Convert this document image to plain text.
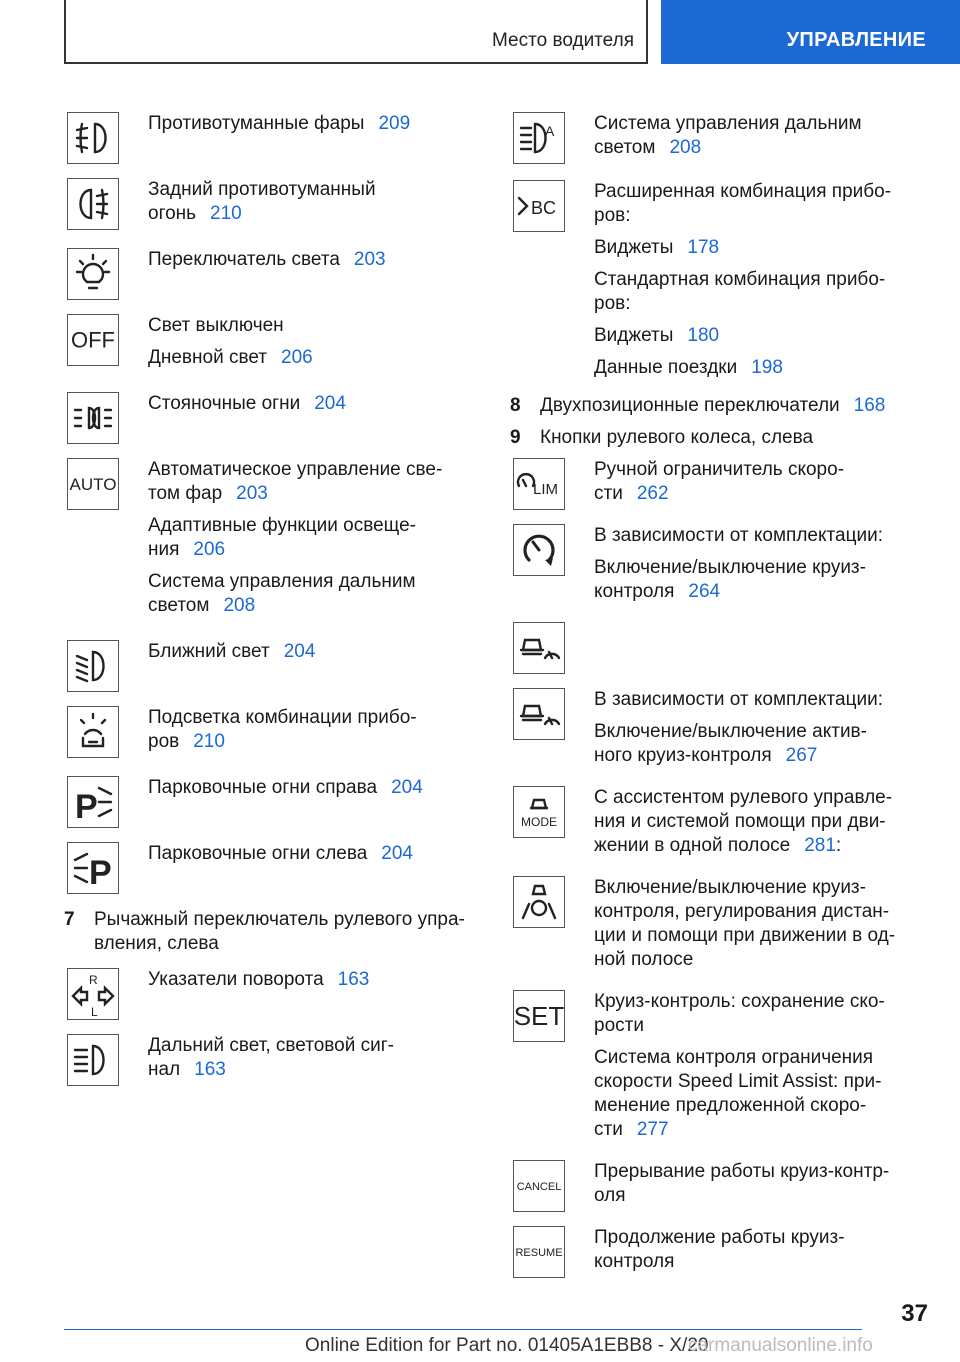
Место водителя	УПРАВЛЕНИЕ

Противотуманные фары 209

Задний противотуманный
огонь 210

Переключатель света 203

OFF

Свет выключен

Дневной свет 206

Стояночные огни 204

AUTO

Автоматическое управление све-
том фар 203

Адаптивные функции освеще-
ния 206

Система управления дальним
светом 208

Ближний свет 204

Подсветка комбинации прибо-
ров 210

P

Парковочные огни справа 204

P

Парковочные огни слева 204

7	Рычажный переключатель рулевого упра-
вления, слева
R
L

Указатели поворота 163

Дальний свет, световой сиг-
нал 163

A Система управления дальним
светом 208

BC

Расширенная комбинация прибо-
ров:

Виджеты 178

Стандартная комбинация прибо-
ров:

Виджеты 180

Данные поездки 198

8	Двухпозиционные переключатели 168
9	Кнопки рулевого колеса, слева
LIM

Ручной ограничитель скоро-
сти 262

В зависимости от комплектации:

Включение/выключение круиз-
контроля 264

В зависимости от комплектации:

Включение/выключение актив-
ного круиз-контроля 267

MODE

С ассистентом рулевого управле-
ния и системой помощи при дви-
жении в одной полосе 281:

Включение/выключение круиз-
контроля, регулирования дистан-
ции и помощи при движении в од-
ной полосе

SET Круиз-контроль: сохранение ско-
рости

Система контроля ограничения
скорости Speed Limit Assist: при-
менение предложенной скоро-
сти 277

CANCEL

Прерывание работы круиз-контр-
оля

RESUME

Продолжение работы круиз-
контроля

37
Online Edition for Part no. 01405A1EBB8 - X/20
carmanualsonline.info
